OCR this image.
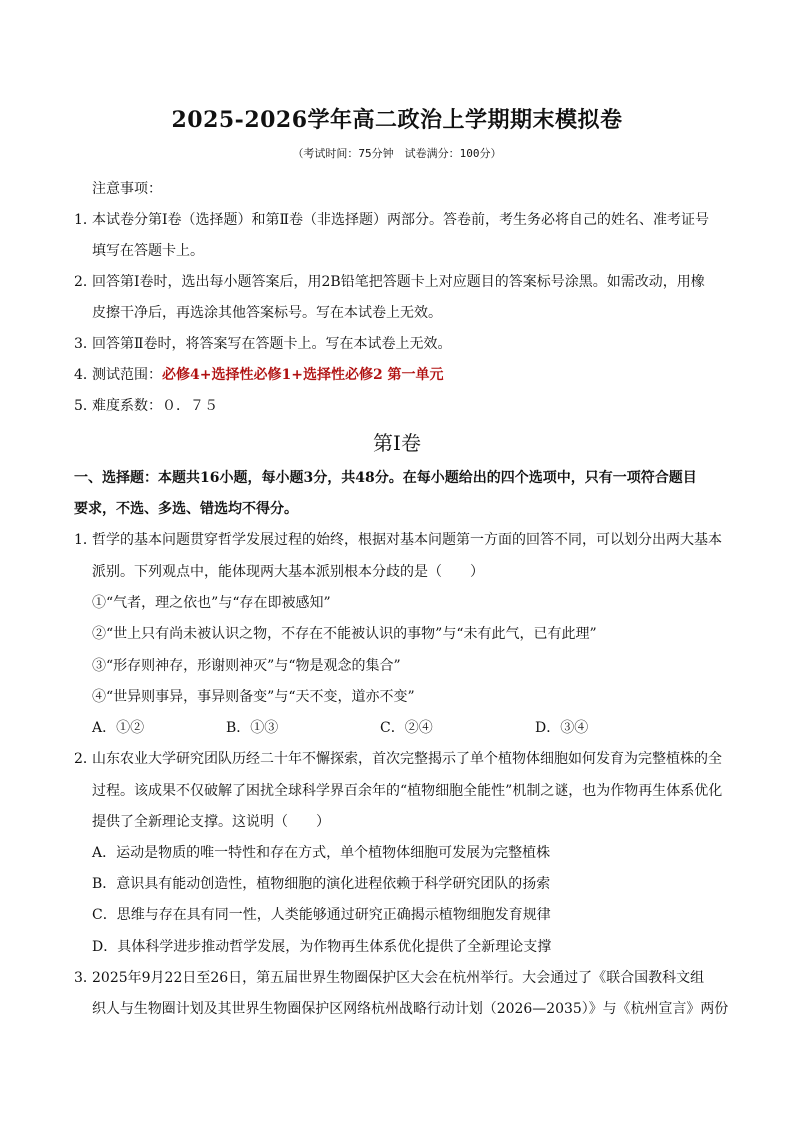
2025-2026学年高二政治上学期期末模拟卷
（考试时间：75分钟　试卷满分：100分）
注意事项：
1．
本试卷分第Ⅰ卷（选择题）和第Ⅱ卷（非选择题）两部分。答卷前，考生务必将自己的姓名、准考证号
填写在答题卡上。
2．
回答第Ⅰ卷时，选出每小题答案后，用2B铅笔把答题卡上对应题目的答案标号涂黑。如需改动，用橡
皮擦干净后，再选涂其他答案标号。写在本试卷上无效。
3．
回答第Ⅱ卷时，将答案写在答题卡上。写在本试卷上无效。
4．
测试范围：必修4+选择性必修1+选择性必修2 第一单元
5．
难度系数：０．７５
第Ⅰ卷
一、选择题：本题共16小题，每小题3分，共48分。在每小题给出的四个选项中，只有一项符合题目
要求，不选、多选、错选均不得分。
1．
哲学的基本问题贯穿哲学发展过程的始终，根据对基本问题第一方面的回答不同，可以划分出两大基本
派别。下列观点中，能体现两大基本派别根本分歧的是（　　）
①“气者，理之依也”与“存在即被感知”
②“世上只有尚未被认识之物，不存在不能被认识的事物”与“未有此气，已有此理”
③“形存则神存，形谢则神灭”与“物是观念的集合”
④“世异则事异，事异则备变”与“天不变，道亦不变”
A．①②	B．①③	C．②④	D．③④
2．
山东农业大学研究团队历经二十年不懈探索，首次完整揭示了单个植物体细胞如何发育为完整植株的全
过程。该成果不仅破解了困扰全球科学界百余年的“植物细胞全能性”机制之谜，也为作物再生体系优化
提供了全新理论支撑。这说明（　　）
A．运动是物质的唯一特性和存在方式，单个植物体细胞可发展为完整植株
B．意识具有能动创造性，植物细胞的演化进程依赖于科学研究团队的扬索
C．思维与存在具有同一性，人类能够通过研究正确揭示植物细胞发育规律
D．具体科学进步推动哲学发展，为作物再生体系优化提供了全新理论支撑
3．
2025年9月22日至26日，第五届世界生物圈保护区大会在杭州举行。大会通过了《联合国教科文组
织人与生物圈计划及其世界生物圈保护区网络杭州战略行动计划（2026—2035）》与《杭州宣言》两份
